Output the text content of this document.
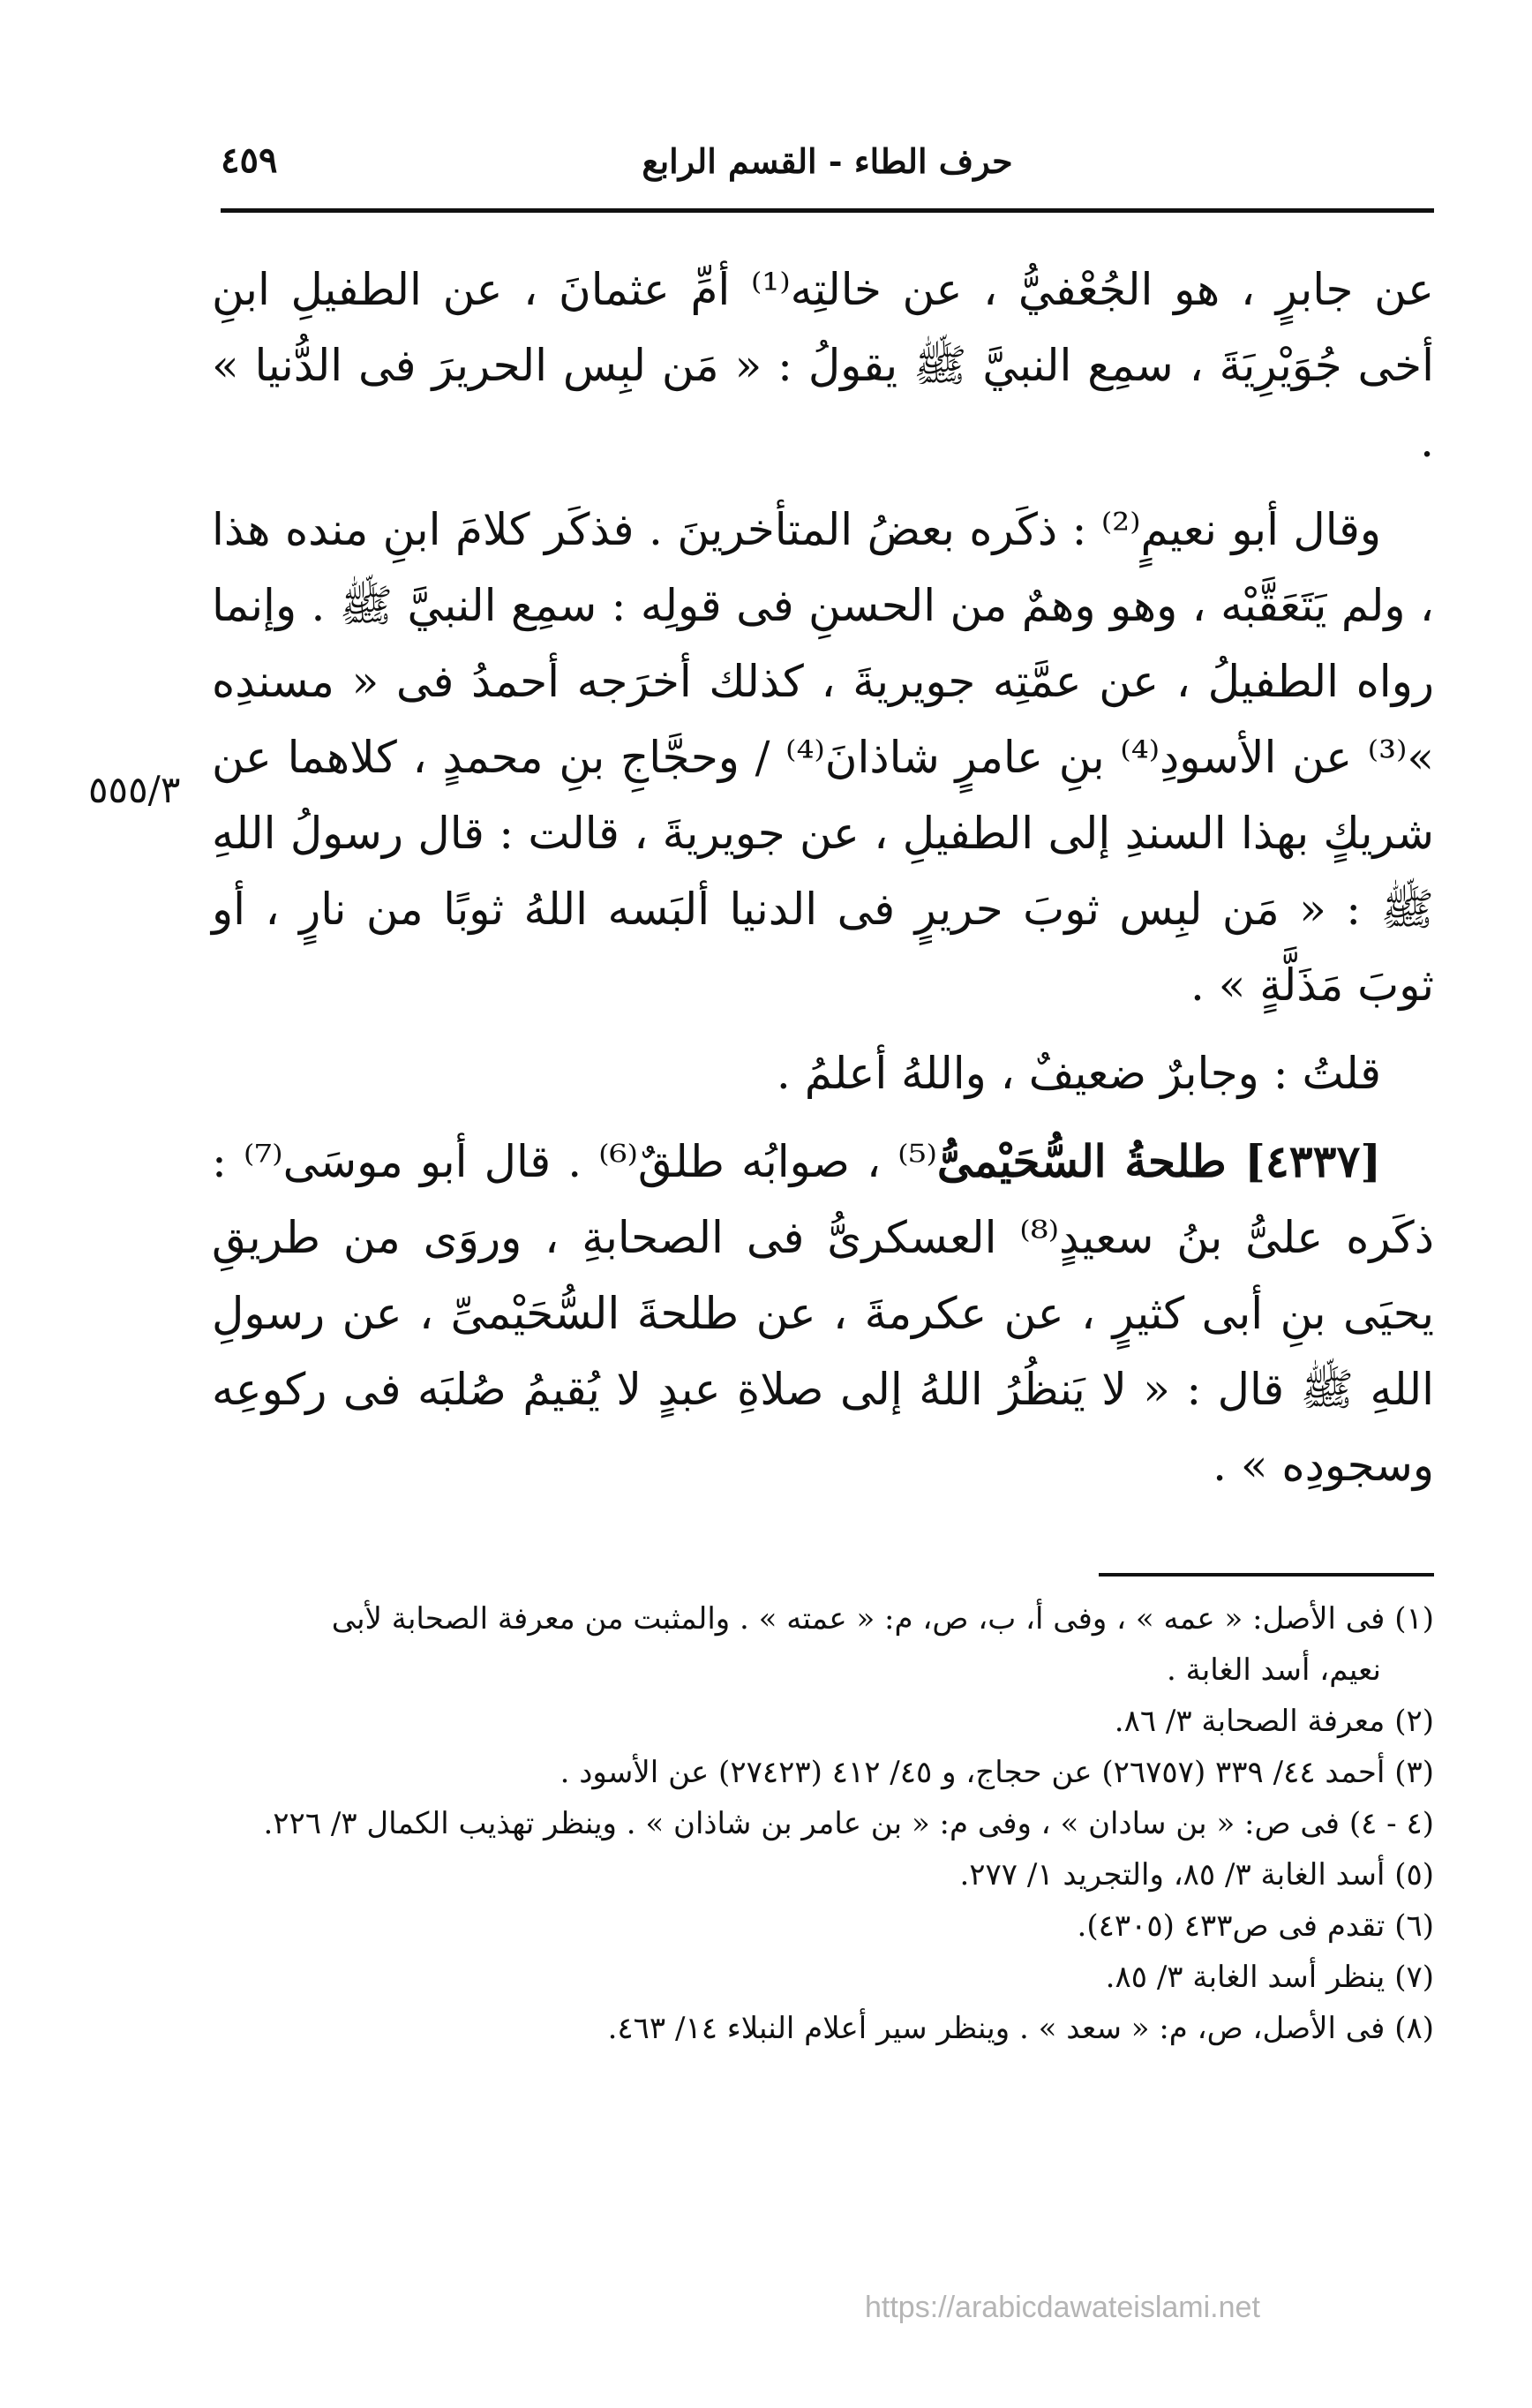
حرف الطاء - القسم الرابع
٤٥٩

عن جابرٍ ، هو الجُعْفيُّ ، عن خالتِه⁽¹⁾ أمِّ عثمانَ ، عن الطفيلِ ابنِ أخى جُوَيْرِيَةَ ، سمِع النبيَّ ﷺ يقولُ : « مَن لبِس الحريرَ فى الدُّنيا » .

وقال أبو نعيمٍ⁽²⁾ : ذكَره بعضُ المتأخرينَ . فذكَر كلامَ ابنِ منده هذا ، ولم يَتَعَقَّبْه ، وهو وهمٌ من الحسنِ فى قولِه : سمِع النبيَّ ﷺ . وإنما رواه الطفيلُ ، عن عمَّتِه جويريةَ ، كذلك أخرَجه أحمدُ فى « مسندِه »⁽³⁾ عن الأسودِ⁽⁴⁾ بنِ عامرٍ شاذانَ⁽⁴⁾ / وحجَّاجِ بنِ محمدٍ ، كلاهما عن شريكٍ بهذا السندِ إلى الطفيلِ ، عن جويريةَ ، قالت : قال رسولُ اللهِ ﷺ : « مَن لبِس ثوبَ حريرٍ فى الدنيا ألبَسه اللهُ ثوبًا من نارٍ ، أو ثوبَ مَذَلَّةٍ » .

قلتُ : وجابرٌ ضعيفٌ ، واللهُ أعلمُ .

[٤٣٣٧] طلحةُ السُّحَيْمىُّ⁽⁵⁾ ، صوابُه طلقٌ⁽⁶⁾ . قال أبو موسَى⁽⁷⁾ : ذكَره علىُّ بنُ سعيدٍ⁽⁸⁾ العسكرىُّ فى الصحابةِ ، وروَى من طريقِ يحيَى بنِ أبى كثيرٍ ، عن عكرمةَ ، عن طلحةَ السُّحَيْمىِّ ، عن رسولِ اللهِ ﷺ قال : « لا يَنظُرُ اللهُ إلى صلاةِ عبدٍ لا يُقيمُ صُلبَه فى ركوعِه وسجودِه » .

٥٥٥/٣

(١) فى الأصل: « عمه » ، وفى أ، ب، ص، م: « عمته » . والمثبت من معرفة الصحابة لأبى

نعيم، أسد الغابة .

(٢) معرفة الصحابة ٣/ ٨٦.

(٣) أحمد ٤٤/ ٣٣٩ (٢٦٧٥٧) عن حجاج، و ٤٥/ ٤١٢ (٢٧٤٢٣) عن الأسود .

(٤ - ٤) فى ص: « بن سادان » ، وفى م: « بن عامر بن شاذان » . وينظر تهذيب الكمال ٣/ ٢٢٦.

(٥) أسد الغابة ٣/ ٨٥، والتجريد ١/ ٢٧٧.

(٦) تقدم فى ص٤٣٣ (٤٣٠٥).

(٧) ينظر أسد الغابة ٣/ ٨٥.

(٨) فى الأصل، ص، م: « سعد » . وينظر سير أعلام النبلاء ١٤/ ٤٦٣.

https://arabicdawateislami.net
